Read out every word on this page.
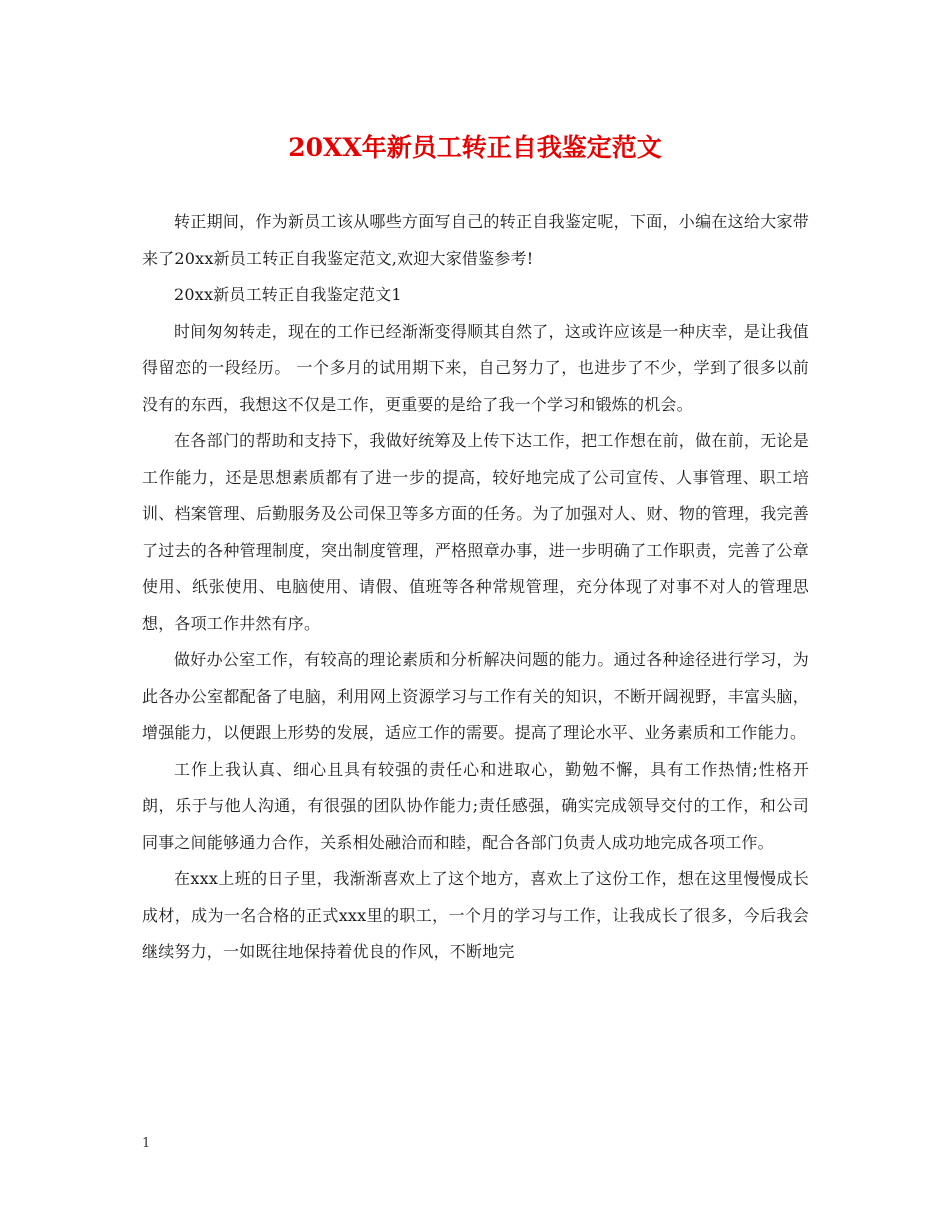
20XX年新员工转正自我鉴定范文

转正期间，作为新员工该从哪些方面写自己的转正自我鉴定呢，下面，小编在这给大家带来了20xx新员工转正自我鉴定范文,欢迎大家借鉴参考!

20xx新员工转正自我鉴定范文1

时间匆匆转走，现在的工作已经渐渐变得顺其自然了，这或许应该是一种庆幸，是让我值得留恋的一段经历。 一个多月的试用期下来，自己努力了，也进步了不少，学到了很多以前没有的东西，我想这不仅是工作，更重要的是给了我一个学习和锻炼的机会。

在各部门的帮助和支持下，我做好统筹及上传下达工作，把工作想在前，做在前，无论是工作能力，还是思想素质都有了进一步的提高，较好地完成了公司宣传、人事管理、职工培训、档案管理、后勤服务及公司保卫等多方面的任务。为了加强对人、财、物的管理，我完善了过去的各种管理制度，突出制度管理，严格照章办事，进一步明确了工作职责，完善了公章使用、纸张使用、电脑使用、请假、值班等各种常规管理，充分体现了对事不对人的管理思想，各项工作井然有序。

做好办公室工作，有较高的理论素质和分析解决问题的能力。通过各种途径进行学习，为此各办公室都配备了电脑，利用网上资源学习与工作有关的知识，不断开阔视野，丰富头脑，增强能力，以便跟上形势的发展，适应工作的需要。提高了理论水平、业务素质和工作能力。

工作上我认真、细心且具有较强的责任心和进取心，勤勉不懈，具有工作热情;性格开朗，乐于与他人沟通，有很强的团队协作能力;责任感强，确实完成领导交付的工作，和公司同事之间能够通力合作，关系相处融洽而和睦，配合各部门负责人成功地完成各项工作。

在xxx上班的日子里，我渐渐喜欢上了这个地方，喜欢上了这份工作，想在这里慢慢成长成材，成为一名合格的正式xxx里的职工，一个月的学习与工作，让我成长了很多，今后我会继续努力，一如既往地保持着优良的作风，不断地完

1
